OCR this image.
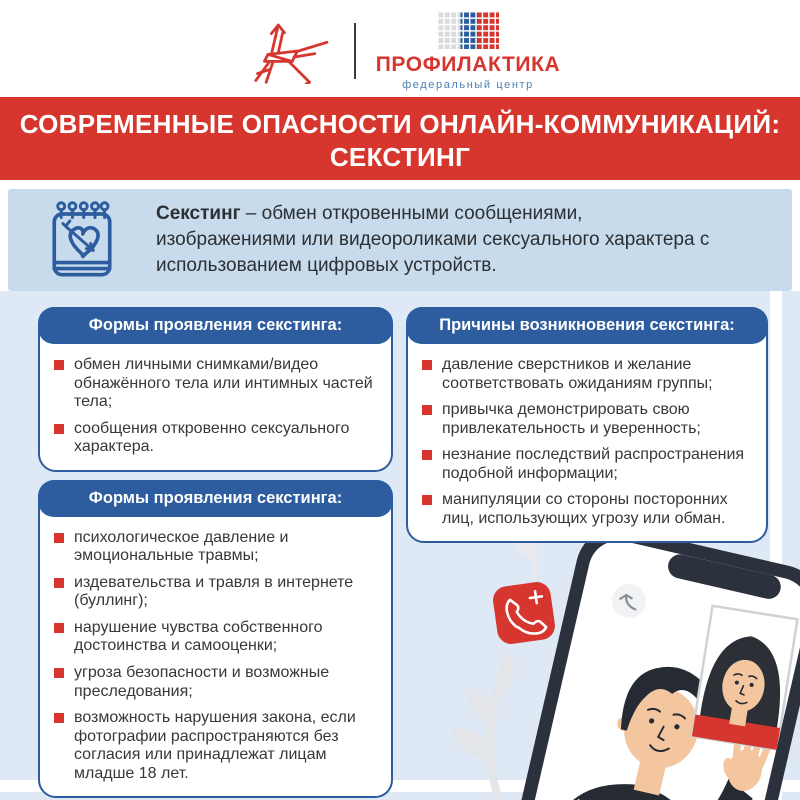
ПРОФИЛАКТИКА
федеральный центр
СОВРЕМЕННЫЕ ОПАСНОСТИ ОНЛАЙН-КОММУНИКАЦИЙ:
СЕКСТИНГ

Секстинг – обмен откровенными сообщениями, изображениями или видеороликами сексуального характера с использованием цифровых устройств.

Формы проявления секстинга:
обмен личными снимками/видео обнажённого тела или интимных частей тела;
сообщения откровенно сексуального характера.
Формы проявления секстинга:
психологическое давление и эмоциональные травмы;
издевательства и травля в интернете (буллинг);
нарушение чувства собственного достоинства и самооценки;
угроза безопасности и возможные преследования;
возможность нарушения закона, если фотографии распространяются без согласия или принадлежат лицам младше 18 лет.
Причины возникновения секстинга:
давление сверстников и желание соответствовать ожиданиям группы;
привычка демонстрировать свою привлекательность и уверенность;
незнание последствий распространения подобной информации;
манипуляции со стороны посторонних лиц, использующих угрозу или обман.
